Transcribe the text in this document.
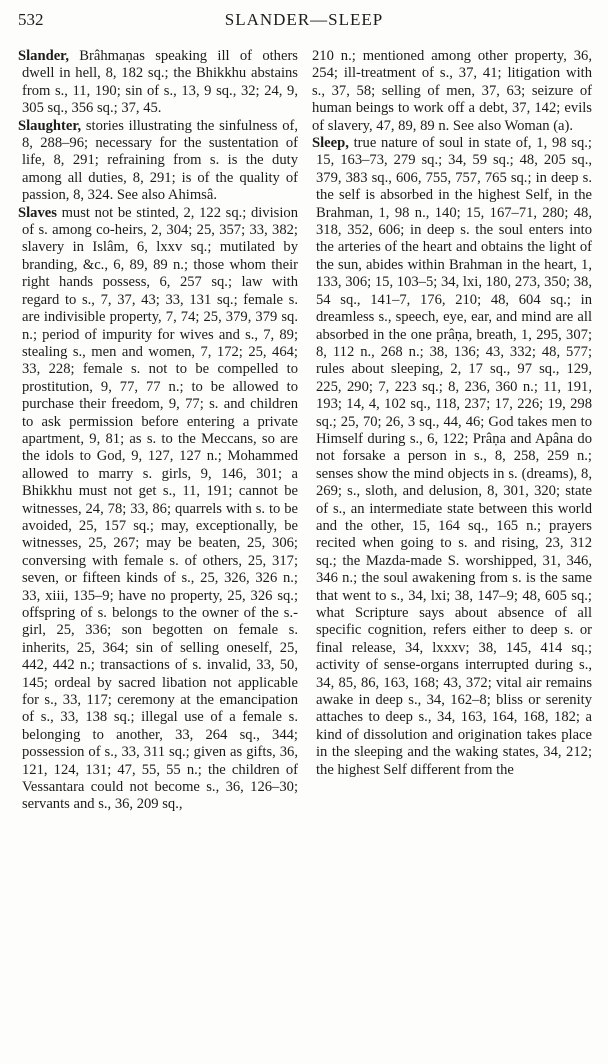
532	SLANDER—SLEEP

Slander, Brâhmaṇas speaking ill of others dwell in hell, 8, 182 sq.; the Bhikkhu abstains from s., 11, 190; sin of s., 13, 9 sq., 32; 24, 9, 305 sq., 356 sq.; 37, 45.

Slaughter, stories illustrating the sinfulness of, 8, 288–96; necessary for the sustentation of life, 8, 291; refraining from s. is the duty among all duties, 8, 291; is of the quality of passion, 8, 324. See also Ahimsâ.

Slaves must not be stinted, 2, 122 sq.; division of s. among co-heirs, 2, 304; 25, 357; 33, 382; slavery in Islâm, 6, lxxv sq.; mutilated by branding, &c., 6, 89, 89 n.; those whom their right hands possess, 6, 257 sq.; law with regard to s., 7, 37, 43; 33, 131 sq.; female s. are indivisible property, 7, 74; 25, 379, 379 sq. n.; period of impurity for wives and s., 7, 89; stealing s., men and women, 7, 172; 25, 464; 33, 228; female s. not to be compelled to prostitution, 9, 77, 77 n.; to be allowed to purchase their freedom, 9, 77; s. and children to ask permission before entering a private apartment, 9, 81; as s. to the Meccans, so are the idols to God, 9, 127, 127 n.; Mohammed allowed to marry s. girls, 9, 146, 301; a Bhikkhu must not get s., 11, 191; cannot be witnesses, 24, 78; 33, 86; quarrels with s. to be avoided, 25, 157 sq.; may, exceptionally, be witnesses, 25, 267; may be beaten, 25, 306; conversing with female s. of others, 25, 317; seven, or fifteen kinds of s., 25, 326, 326 n.; 33, xiii, 135–9; have no property, 25, 326 sq.; offspring of s. belongs to the owner of the s.-girl, 25, 336; son begotten on female s. inherits, 25, 364; sin of selling oneself, 25, 442, 442 n.; transactions of s. invalid, 33, 50, 145; ordeal by sacred libation not applicable for s., 33, 117; ceremony at the emancipation of s., 33, 138 sq.; illegal use of a female s. belonging to another, 33, 264 sq., 344; possession of s., 33, 311 sq.; given as gifts, 36, 121, 124, 131; 47, 55, 55 n.; the children of Vessantara could not become s., 36, 126–30; servants and s., 36, 209 sq.,

210 n.; mentioned among other property, 36, 254; ill-treatment of s., 37, 41; litigation with s., 37, 58; selling of men, 37, 63; seizure of human beings to work off a debt, 37, 142; evils of slavery, 47, 89, 89 n. See also Woman (a).

Sleep, true nature of soul in state of, 1, 98 sq.; 15, 163–73, 279 sq.; 34, 59 sq.; 48, 205 sq., 379, 383 sq., 606, 755, 757, 765 sq.; in deep s. the self is absorbed in the highest Self, in the Brahman, 1, 98 n., 140; 15, 167–71, 280; 48, 318, 352, 606; in deep s. the soul enters into the arteries of the heart and obtains the light of the sun, abides within Brahman in the heart, 1, 133, 306; 15, 103–5; 34, lxi, 180, 273, 350; 38, 54 sq., 141–7, 176, 210; 48, 604 sq.; in dreamless s., speech, eye, ear, and mind are all absorbed in the one prâṇa, breath, 1, 295, 307; 8, 112 n., 268 n.; 38, 136; 43, 332; 48, 577; rules about sleeping, 2, 17 sq., 97 sq., 129, 225, 290; 7, 223 sq.; 8, 236, 360 n.; 11, 191, 193; 14, 4, 102 sq., 118, 237; 17, 226; 19, 298 sq.; 25, 70; 26, 3 sq., 44, 46; God takes men to Himself during s., 6, 122; Prâṇa and Apâna do not forsake a person in s., 8, 258, 259 n.; senses show the mind objects in s. (dreams), 8, 269; s., sloth, and delusion, 8, 301, 320; state of s., an intermediate state between this world and the other, 15, 164 sq., 165 n.; prayers recited when going to s. and rising, 23, 312 sq.; the Mazda-made S. worshipped, 31, 346, 346 n.; the soul awakening from s. is the same that went to s., 34, lxi; 38, 147–9; 48, 605 sq.; what Scripture says about absence of all specific cognition, refers either to deep s. or final release, 34, lxxxv; 38, 145, 414 sq.; activity of sense-organs interrupted during s., 34, 85, 86, 163, 168; 43, 372; vital air remains awake in deep s., 34, 162–8; bliss or serenity attaches to deep s., 34, 163, 164, 168, 182; a kind of dissolution and origination takes place in the sleeping and the waking states, 34, 212; the highest Self different from the
